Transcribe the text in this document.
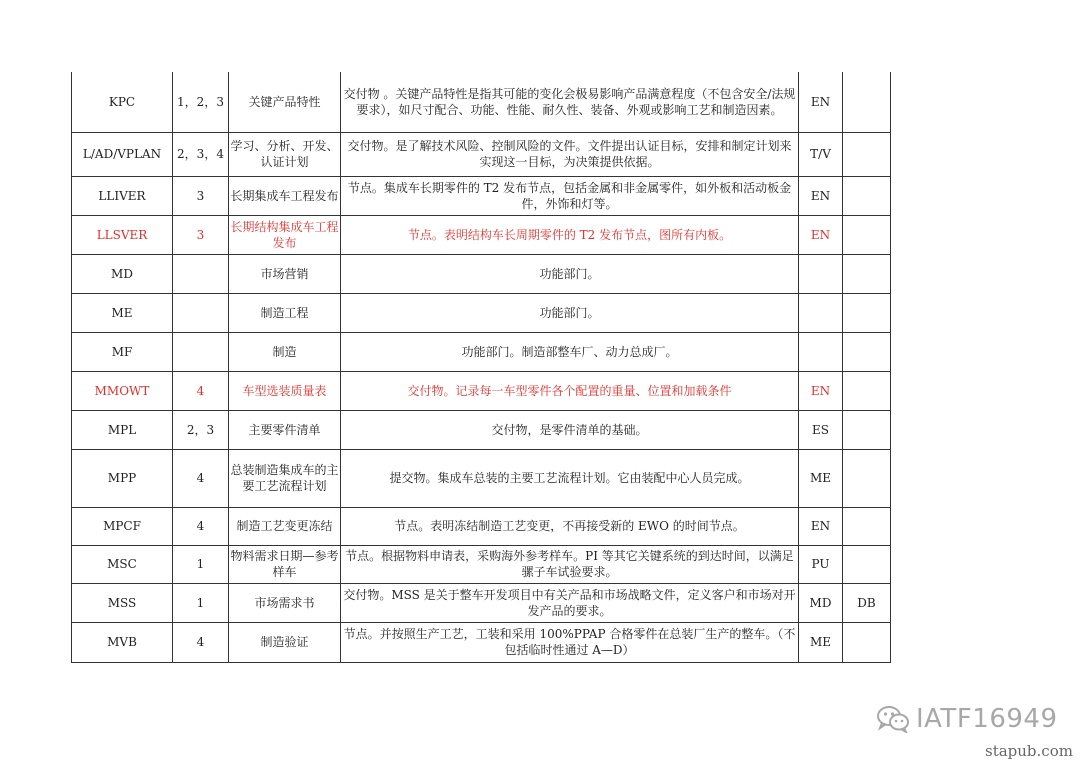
KPC	1，2，3	关键产品特性	交付物 。关键产品特性是指其可能的变化会极易影响产品满意程度（不包含安全/法规要求），如尺寸配合、功能、性能、耐久性、装备、外观或影响工艺和制造因素。	EN	
L/AD/VPLAN	2，3，4	学习、分析、开发、认证计划	交付物。是了解技术风险、控制风险的文件。文件提出认证目标，安排和制定计划来实现这一目标，为决策提供依据。	T/V	
LLIVER	3	长期集成车工程发布	节点。集成车长期零件的 T2 发布节点，包括金属和非金属零件，如外板和活动板金件，外饰和灯等。	EN	
LLSVER	3	长期结构集成车工程发布	节点。表明结构车长周期零件的 T2 发布节点，图所有内板。	EN	
MD		市场营销	功能部门。		
ME		制造工程	功能部门。		
MF		制造	功能部门。制造部整车厂、动力总成厂。		
MMOWT	4	车型选装质量表	交付物。记录每一车型零件各个配置的重量、位置和加载条件	EN	
MPL	2，3	主要零件清单	交付物，是零件清单的基础。	ES	
MPP	4	总装制造集成车的主要工艺流程计划	提交物。集成车总装的主要工艺流程计划。它由装配中心人员完成。	ME	
MPCF	4	制造工艺变更冻结	节点。表明冻结制造工艺变更，不再接受新的 EWO 的时间节点。	EN	
MSC	1	物料需求日期—参考样车	节点。根据物料申请表，采购海外参考样车。PI 等其它关键系统的到达时间，以满足骡子车试验要求。	PU	
MSS	1	市场需求书	交付物。MSS 是关于整车开发项目中有关产品和市场战略文件，定义客户和市场对开发产品的要求。	MD	DB
MVB	4	制造验证	节点。并按照生产工艺，工装和采用 100%PPAP 合格零件在总装厂生产的整车。（不包括临时性通过 A—D）	ME	
IATF16949
stapub.com
